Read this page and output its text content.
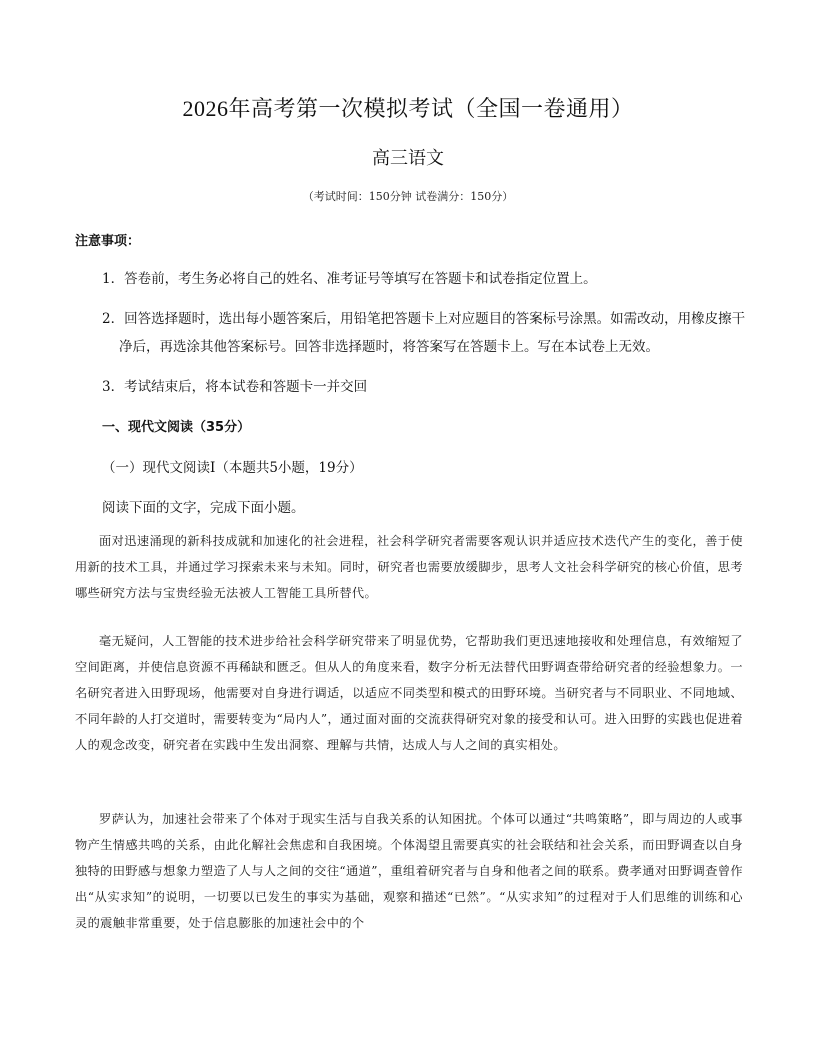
2026年高考第一次模拟考试（全国一卷通用）
高三语文
（考试时间：150分钟 试卷满分：150分）
注意事项：
1．答卷前，考生务必将自己的姓名、准考证号等填写在答题卡和试卷指定位置上。
2．回答选择题时，选出每小题答案后，用铅笔把答题卡上对应题目的答案标号涂黑。如需改动，用橡皮擦干净后，再选涂其他答案标号。回答非选择题时，将答案写在答题卡上。写在本试卷上无效。
3．考试结束后，将本试卷和答题卡一并交回
一、现代文阅读（35分）
（一）现代文阅读Ⅰ（本题共5小题，19分）
阅读下面的文字，完成下面小题。

面对迅速涌现的新科技成就和加速化的社会进程，社会科学研究者需要客观认识并适应技术迭代产生的变化，善于使用新的技术工具，并通过学习探索未来与未知。同时，研究者也需要放缓脚步，思考人文社会科学研究的核心价值，思考哪些研究方法与宝贵经验无法被人工智能工具所替代。

毫无疑问，人工智能的技术进步给社会科学研究带来了明显优势，它帮助我们更迅速地接收和处理信息，有效缩短了空间距离，并使信息资源不再稀缺和匮乏。但从人的角度来看，数字分析无法替代田野调查带给研究者的经验想象力。一名研究者进入田野现场，他需要对自身进行调适，以适应不同类型和模式的田野环境。当研究者与不同职业、不同地域、不同年龄的人打交道时，需要转变为“局内人”，通过面对面的交流获得研究对象的接受和认可。进入田野的实践也促进着人的观念改变，研究者在实践中生发出洞察、理解与共情，达成人与人之间的真实相处。

罗萨认为，加速社会带来了个体对于现实生活与自我关系的认知困扰。个体可以通过“共鸣策略”，即与周边的人或事物产生情感共鸣的关系，由此化解社会焦虑和自我困境。个体渴望且需要真实的社会联结和社会关系，而田野调查以自身独特的田野感与想象力塑造了人与人之间的交往“通道”，重组着研究者与自身和他者之间的联系。费孝通对田野调查曾作出“从实求知”的说明，一切要以已发生的事实为基础，观察和描述“已然”。“从实求知”的过程对于人们思维的训练和心灵的震触非常重要，处于信息膨胀的加速社会中的个
